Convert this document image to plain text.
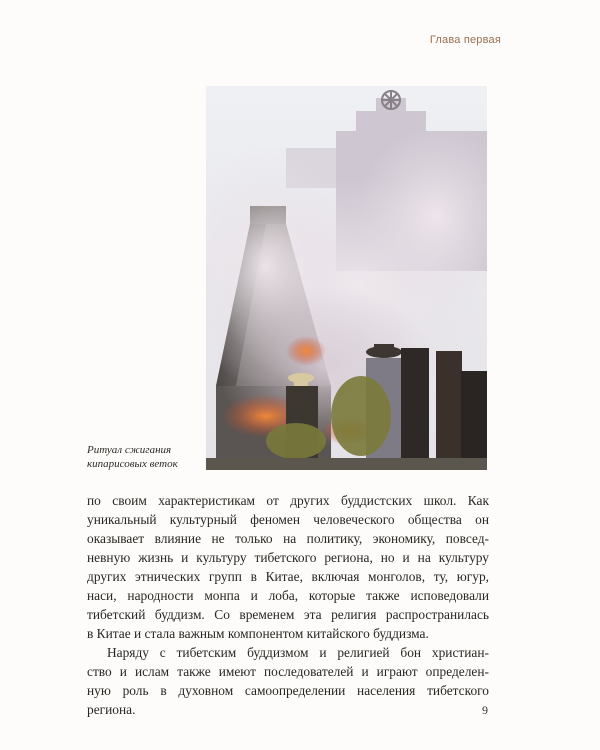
Глава первая
Ритуал сжигания
кипарисовых веток
по своим характеристикам от других буддистских школ. Как
уникальный культурный феномен человеческого общества он
оказывает влияние не только на политику, экономику, повсед-
невную жизнь и культуру тибетского региона, но и на культуру
других этнических групп в Китае, включая монголов, ту, югур,
наси, народности монпа и лоба, которые также исповедовали
тибетский буддизм. Со временем эта религия распространилась
в Китае и стала важным компонентом китайского буддизма.
Наряду с тибетским буддизмом и религией бон христиан-
ство и ислам также имеют последователей и играют определен-
ную роль в духовном самоопределении населения тибетского
региона.	9
